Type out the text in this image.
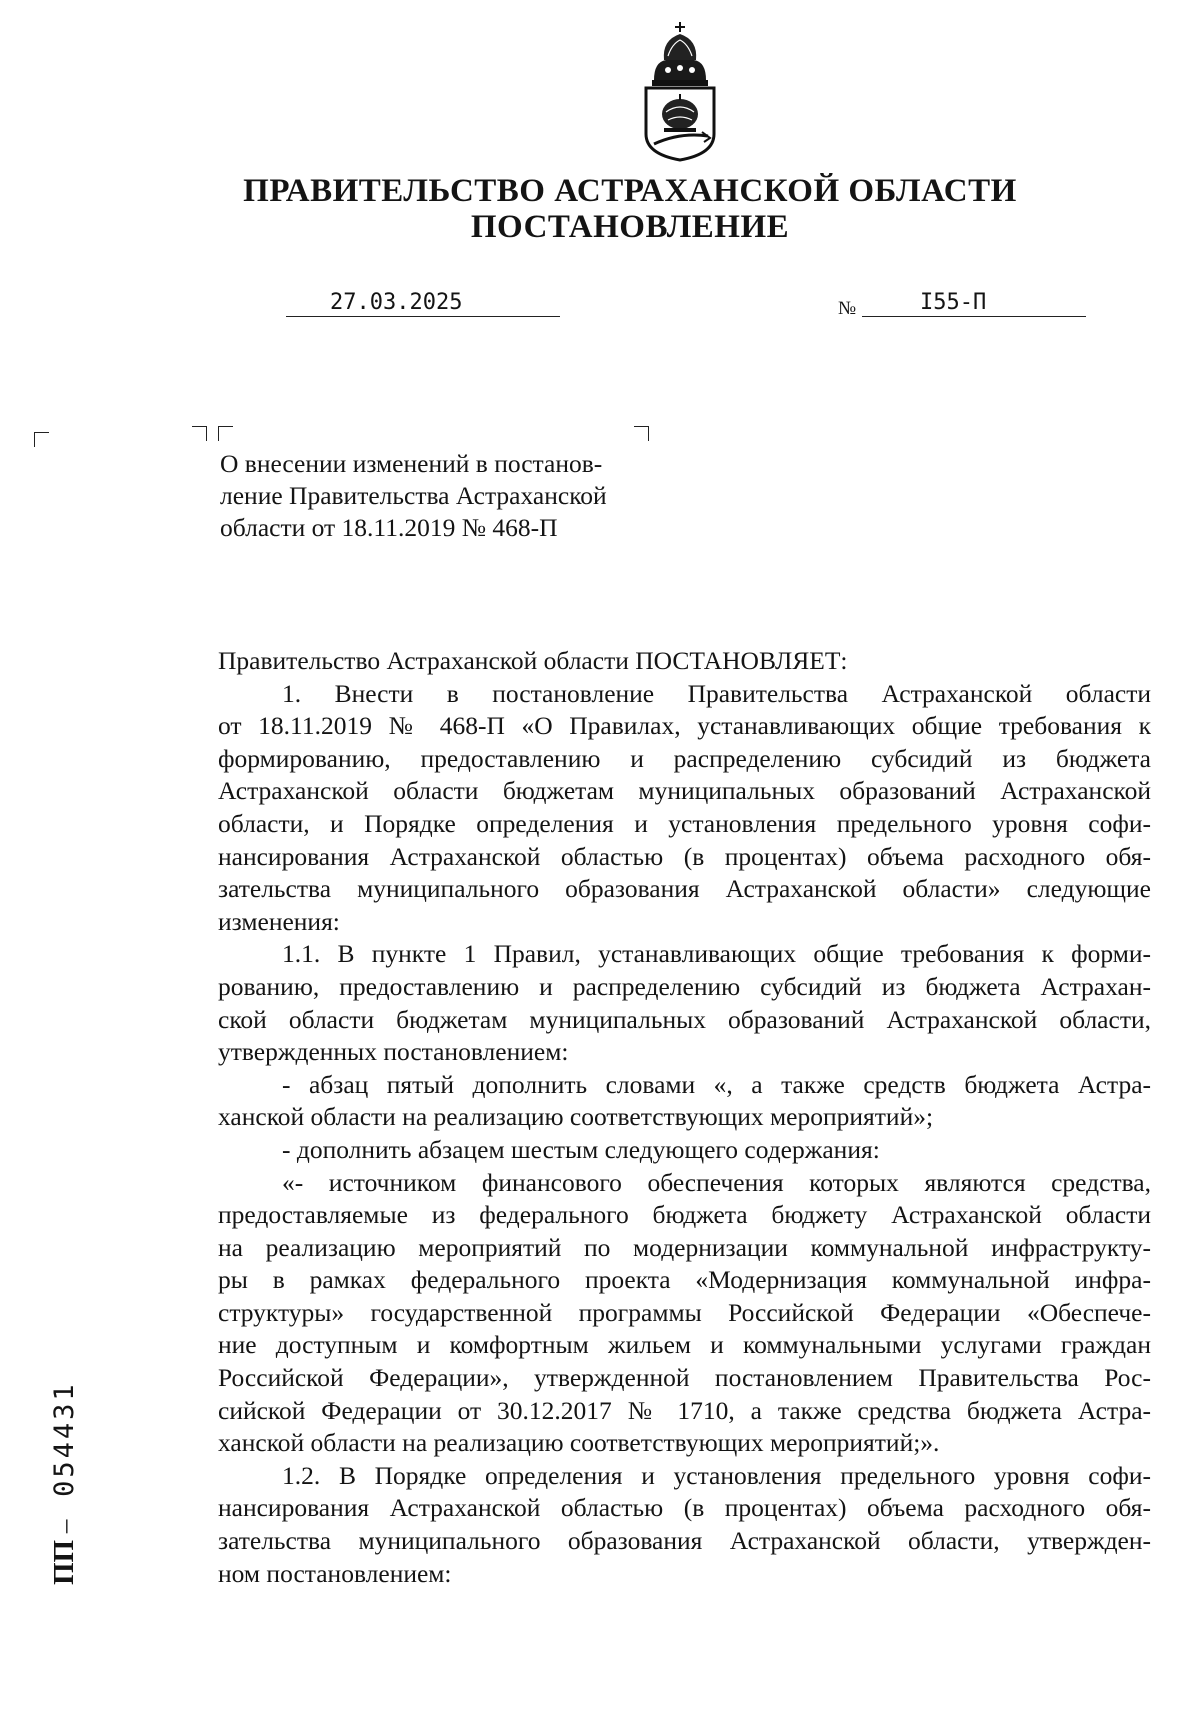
ПРАВИТЕЛЬСТВО АСТРАХАНСКОЙ ОБЛАСТИ
ПОСТАНОВЛЕНИЕ
27.03.2025	№	I55-П
О внесении изменений в постанов-
ление Правительства Астраханской
области от 18.11.2019 № 468-П

Правительство Астраханской области ПОСТАНОВЛЯЕТ:

1. Внести в постановление Правительства Астраханской области
от 18.11.2019 № 468-П «О Правилах, устанавливающих общие требования к
формированию, предоставлению и распределению субсидий из бюджета
Астраханской области бюджетам муниципальных образований Астраханской
области, и Порядке определения и установления предельного уровня софи-
нансирования Астраханской областью (в процентах) объема расходного обя-
зательства муниципального образования Астраханской области» следующие
изменения:

1.1. В пункте 1 Правил, устанавливающих общие требования к форми-
рованию, предоставлению и распределению субсидий из бюджета Астрахан-
ской области бюджетам муниципальных образований Астраханской области,
утвержденных постановлением:

- абзац пятый дополнить словами «, а также средств бюджета Астра-
ханской области на реализацию соответствующих мероприятий»;

- дополнить абзацем шестым следующего содержания:

«- источником финансового обеспечения которых являются средства,
предоставляемые из федерального бюджета бюджету Астраханской области
на реализацию мероприятий по модернизации коммунальной инфраструкту-
ры в рамках федерального проекта «Модернизация коммунальной инфра-
структуры» государственной программы Российской Федерации «Обеспече-
ние доступным и комфортным жильем и коммунальными услугами граждан
Российской Федерации», утвержденной постановлением Правительства Рос-
сийской Федерации от 30.12.2017 № 1710, а также средства бюджета Астра-
ханской области на реализацию соответствующих мероприятий;».

1.2. В Порядке определения и установления предельного уровня софи-
нансирования Астраханской областью (в процентах) объема расходного обя-
зательства муниципального образования Астраханской области, утвержден-
ном постановлением:

ПП – 054431
